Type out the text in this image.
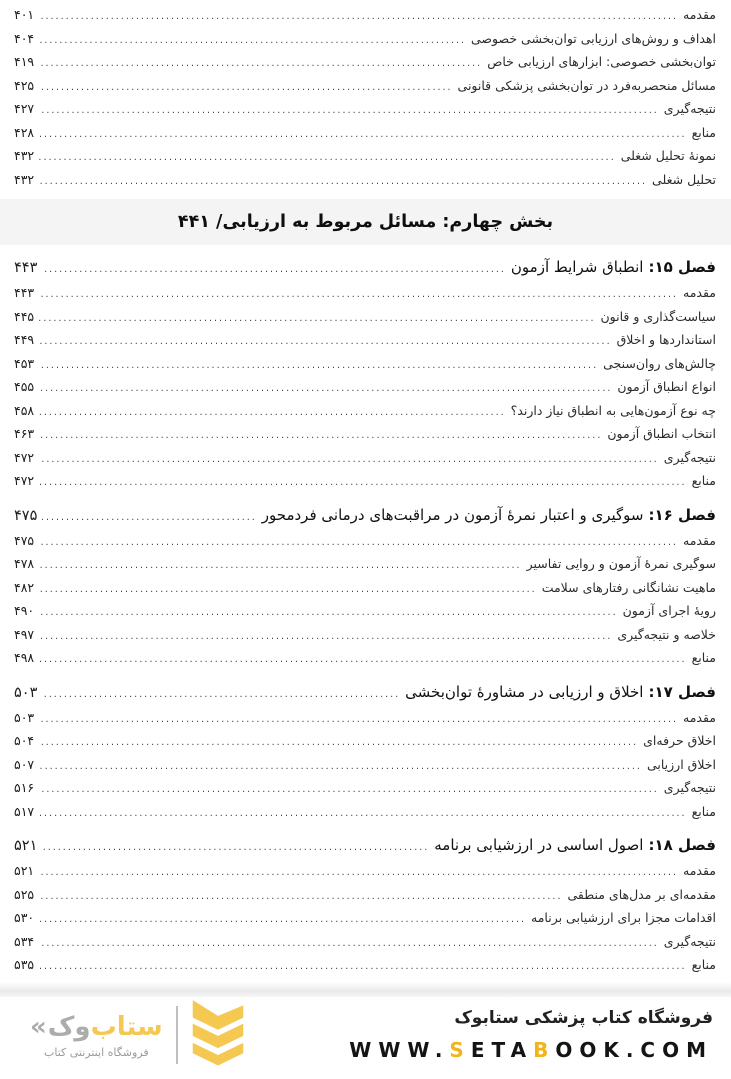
مقدمه
.....
۴۰۱
اهداف و روش‌های ارزیابی توان‌بخشی خصوصی
.....
۴۰۴
توان‌بخشی خصوصی: ابزارهای ارزیابی خاص
.....
۴۱۹
مسائل منحصربه‌فرد در توان‌بخشی پزشکی قانونی
.....
۴۲۵
نتیجه‌گیری
.....
۴۲۷
منابع
.....
۴۲۸
نمونهٔ تحلیل شغلی
.....
۴۳۲
تحلیل شغلی
.....
۴۳۲
بخش چهارم: مسائل مربوط به ارزیابی/ ۴۴۱
فصل ۱۵:
انطباق شرایط آزمون
.....
۴۴۳
مقدمه
.....
۴۴۳
سیاست‌گذاری و قانون
.....
۴۴۵
استانداردها و اخلاق
.....
۴۴۹
چالش‌های روان‌سنجی
.....
۴۵۳
انواع انطباق آزمون
.....
۴۵۵
چه نوع آزمون‌هایی به انطباق نیاز دارند؟
.....
۴۵۸
انتخاب انطباق آزمون
.....
۴۶۳
نتیجه‌گیری
.....
۴۷۲
منابع
.....
۴۷۲
فصل ۱۶:
سوگیری و اعتبار نمرهٔ آزمون در مراقبت‌های درمانی فردمحور
.....
۴۷۵
مقدمه
.....
۴۷۵
سوگیری نمرهٔ آزمون و روایی تفاسیر
.....
۴۷۸
ماهیت نشانگانی رفتارهای سلامت
.....
۴۸۲
رویهٔ اجرای آزمون
.....
۴۹۰
خلاصه و نتیجه‌گیری
.....
۴۹۷
منابع
.....
۴۹۸
فصل ۱۷:
اخلاق و ارزیابی در مشاورهٔ توان‌بخشی
.....
۵۰۳
مقدمه
.....
۵۰۳
اخلاق حرفه‌ای
.....
۵۰۴
اخلاق ارزیابی
.....
۵۰۷
نتیجه‌گیری
.....
۵۱۶
منابع
.....
۵۱۷
فصل ۱۸:
اصول اساسی در ارزشیابی برنامه
.....
۵۲۱
مقدمه
.....
۵۲۱
مقدمه‌ای بر مدل‌های منطقی
.....
۵۲۵
اقدامات مجزا برای ارزشیابی برنامه
.....
۵۳۰
نتیجه‌گیری
.....
۵۳۴
منابع
.....
۵۳۵
« وک ستاب
فروشگاه اینترنتی کتاب
فروشگاه کتاب پزشکی ستابوک
WWW.SETABOOK.COM
